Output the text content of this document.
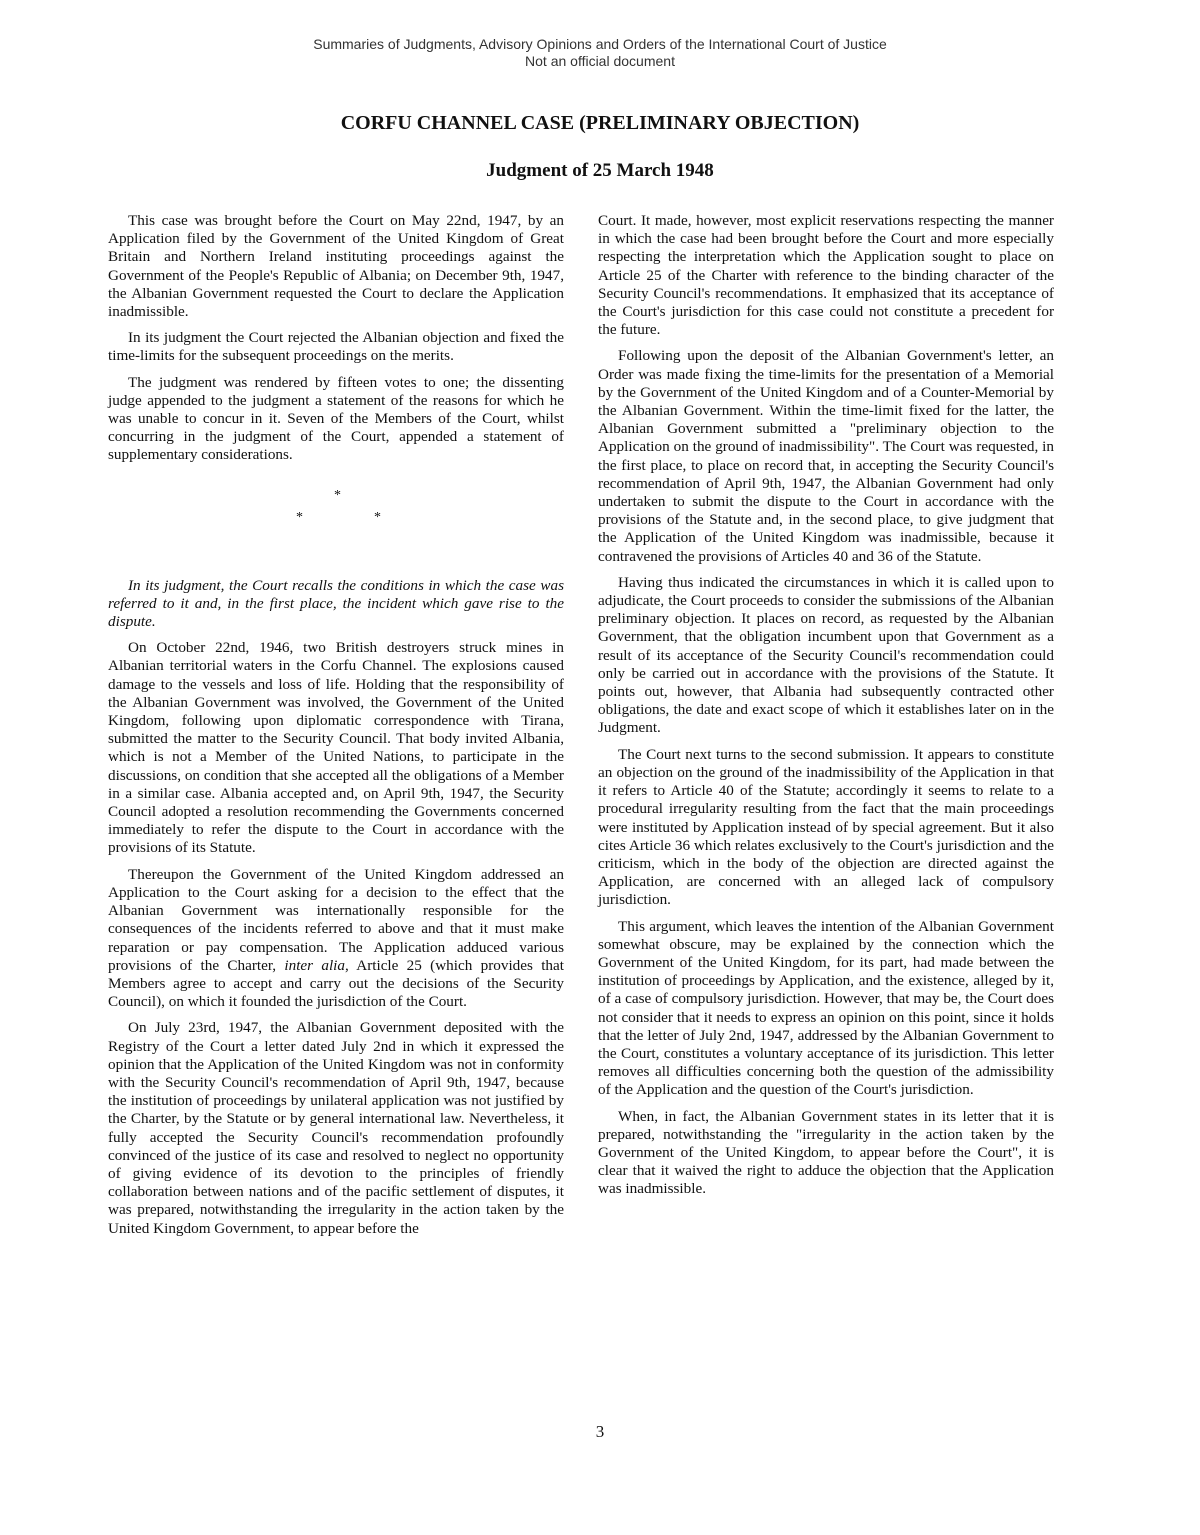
Summaries of Judgments, Advisory Opinions and Orders of the International Court of Justice
Not an official document
CORFU CHANNEL CASE (PRELIMINARY OBJECTION)
Judgment of 25 March 1948

This case was brought before the Court on May 22nd, 1947, by an Application filed by the Government of the United Kingdom of Great Britain and Northern Ireland instituting proceedings against the Government of the People's Republic of Albania; on December 9th, 1947, the Albanian Government requested the Court to declare the Application inadmissible.

In its judgment the Court rejected the Albanian objection and fixed the time-limits for the subsequent proceedings on the merits.

The judgment was rendered by fifteen votes to one; the dissenting judge appended to the judgment a statement of the reasons for which he was unable to concur in it. Seven of the Members of the Court, whilst concurring in the judgment of the Court, appended a statement of supplementary considerations.

*
*	*

In its judgment, the Court recalls the conditions in which the case was referred to it and, in the first place, the incident which gave rise to the dispute.

On October 22nd, 1946, two British destroyers struck mines in Albanian territorial waters in the Corfu Channel. The explosions caused damage to the vessels and loss of life. Holding that the responsibility of the Albanian Government was involved, the Government of the United Kingdom, following upon diplomatic correspondence with Tirana, submitted the matter to the Security Council. That body invited Albania, which is not a Member of the United Nations, to participate in the discussions, on condition that she accepted all the obligations of a Member in a similar case. Albania accepted and, on April 9th, 1947, the Security Council adopted a resolution recommending the Governments concerned immediately to refer the dispute to the Court in accordance with the provisions of its Statute.

Thereupon the Government of the United Kingdom addressed an Application to the Court asking for a decision to the effect that the Albanian Government was internationally responsible for the consequences of the incidents referred to above and that it must make reparation or pay compensation. The Application adduced various provisions of the Charter, inter alia, Article 25 (which provides that Members agree to accept and carry out the decisions of the Security Council), on which it founded the jurisdiction of the Court.

On July 23rd, 1947, the Albanian Government deposited with the Registry of the Court a letter dated July 2nd in which it expressed the opinion that the Application of the United Kingdom was not in conformity with the Security Council's recommendation of April 9th, 1947, because the institution of proceedings by unilateral application was not justified by the Charter, by the Statute or by general international law. Nevertheless, it fully accepted the Security Council's recommendation profoundly convinced of the justice of its case and resolved to neglect no opportunity of giving evidence of its devotion to the principles of friendly collaboration between nations and of the pacific settlement of disputes, it was prepared, notwithstanding the irregularity in the action taken by the United Kingdom Government, to appear before the

Court. It made, however, most explicit reservations respecting the manner in which the case had been brought before the Court and more especially respecting the interpretation which the Application sought to place on Article 25 of the Charter with reference to the binding character of the Security Council's recommendations. It emphasized that its acceptance of the Court's jurisdiction for this case could not constitute a precedent for the future.

Following upon the deposit of the Albanian Government's letter, an Order was made fixing the time-limits for the presentation of a Memorial by the Government of the United Kingdom and of a Counter-Memorial by the Albanian Government. Within the time-limit fixed for the latter, the Albanian Government submitted a "preliminary objection to the Application on the ground of inadmissibility". The Court was requested, in the first place, to place on record that, in accepting the Security Council's recommendation of April 9th, 1947, the Albanian Government had only undertaken to submit the dispute to the Court in accordance with the provisions of the Statute and, in the second place, to give judgment that the Application of the United Kingdom was inadmissible, because it contravened the provisions of Articles 40 and 36 of the Statute.

Having thus indicated the circumstances in which it is called upon to adjudicate, the Court proceeds to consider the submissions of the Albanian preliminary objection. It places on record, as requested by the Albanian Government, that the obligation incumbent upon that Government as a result of its acceptance of the Security Council's recommendation could only be carried out in accordance with the provisions of the Statute. It points out, however, that Albania had subsequently contracted other obligations, the date and exact scope of which it establishes later on in the Judgment.

The Court next turns to the second submission. It appears to constitute an objection on the ground of the inadmissibility of the Application in that it refers to Article 40 of the Statute; accordingly it seems to relate to a procedural irregularity resulting from the fact that the main proceedings were instituted by Application instead of by special agreement. But it also cites Article 36 which relates exclusively to the Court's jurisdiction and the criticism, which in the body of the objection are directed against the Application, are concerned with an alleged lack of compulsory jurisdiction.

This argument, which leaves the intention of the Albanian Government somewhat obscure, may be explained by the connection which the Government of the United Kingdom, for its part, had made between the institution of proceedings by Application, and the existence, alleged by it, of a case of compulsory jurisdiction. However, that may be, the Court does not consider that it needs to express an opinion on this point, since it holds that the letter of July 2nd, 1947, addressed by the Albanian Government to the Court, constitutes a voluntary acceptance of its jurisdiction. This letter removes all difficulties concerning both the question of the admissibility of the Application and the question of the Court's jurisdiction.

When, in fact, the Albanian Government states in its letter that it is prepared, notwithstanding the "irregularity in the action taken by the Government of the United Kingdom, to appear before the Court", it is clear that it waived the right to adduce the objection that the Application was inadmissible.

3
